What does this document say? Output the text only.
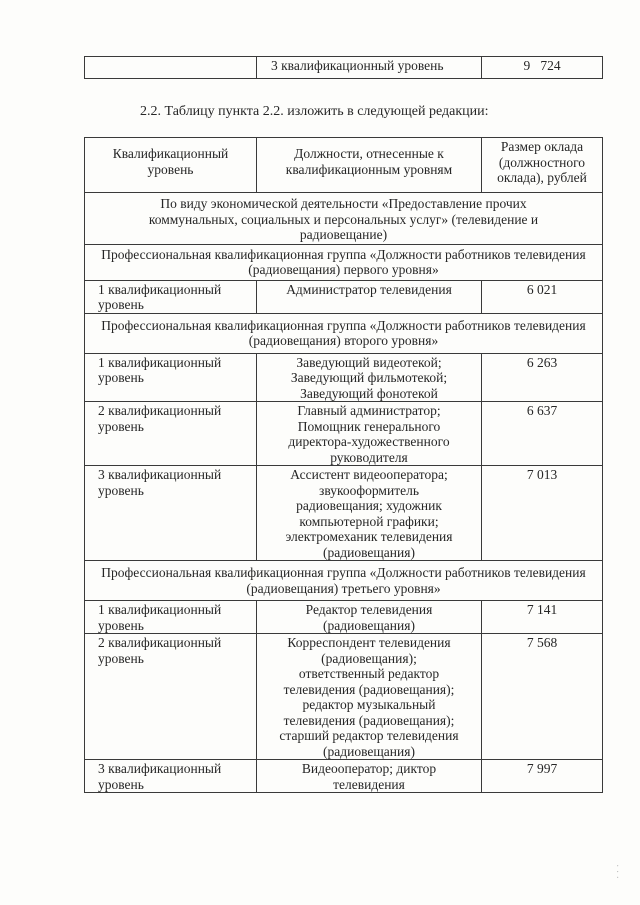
	3 квалификационный уровень	9   724
2.2. Таблицу пункта 2.2. изложить в следующей редакции:
Квалификационный уровень	Должности, отнесенные к квалификационным уровням	Размер оклада (должностного оклада), рублей
По виду экономической деятельности «Предоставление прочих коммунальных, социальных и персональных услуг» (телевидение и радиовещание)		
Профессиональная квалификационная группа «Должности работников телевидения (радиовещания) первого уровня»		
1 квалификационный уровень	Администратор телевидения	6 021
Профессиональная квалификационная группа «Должности работников телевидения (радиовещания) второго уровня»		
1 квалификационный уровень	Заведующий видеотекой; Заведующий фильмотекой; Заведующий фонотекой	6 263
2 квалификационный уровень	Главный администратор; Помощник генерального директора-художественного руководителя	6 637
3 квалификационный уровень	Ассистент видеооператора; звукооформитель радиовещания; художник компьютерной графики; электромеханик телевидения (радиовещания)	7 013
Профессиональная квалификационная группа «Должности работников телевидения (радиовещания) третьего уровня»		
1 квалификационный уровень	Редактор телевидения (радиовещания)	7 141
2 квалификационный уровень	Корреспондент телевидения (радиовещания); ответственный редактор телевидения (радиовещания); редактор музыкальный телевидения (радиовещания); старший редактор телевидения (радиовещания)	7 568
3 квалификационный уровень	Видеооператор; диктор телевидения	7 997
· · ·
